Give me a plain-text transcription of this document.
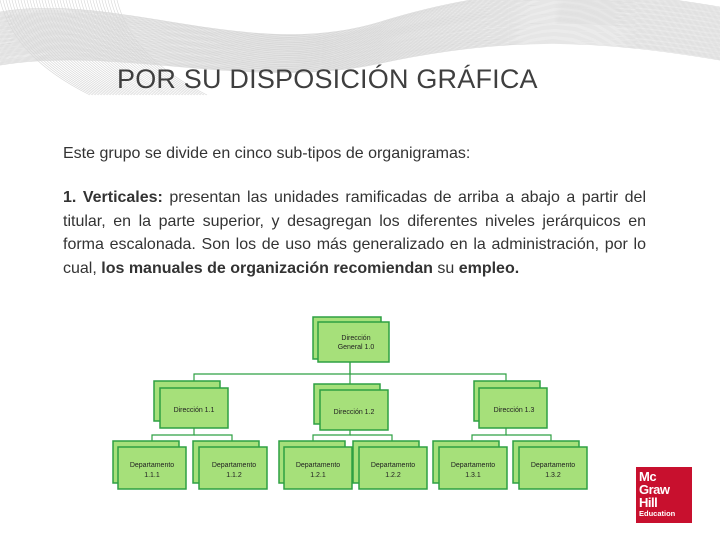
POR SU DISPOSICIÓN GRÁFICA
Este grupo se divide en cinco sub-tipos de organigramas:
1. Verticales: presentan las unidades ramificadas de arriba a abajo a partir del titular, en la parte superior, y desagregan los diferentes niveles jerárquicos en forma escalonada. Son los de uso más generalizado en la administración, por lo cual, los manuales de organización recomiendan su empleo.
Dirección
General 1.0
Dirección 1.1	Dirección 1.2	Dirección 1.3
Departamento
1.1.1
Departamento
1.1.2
Departamento
1.2.1
Departamento
1.2.2
Departamento
1.3.1
Departamento
1.3.2	Mc
Graw
Hill
Education
